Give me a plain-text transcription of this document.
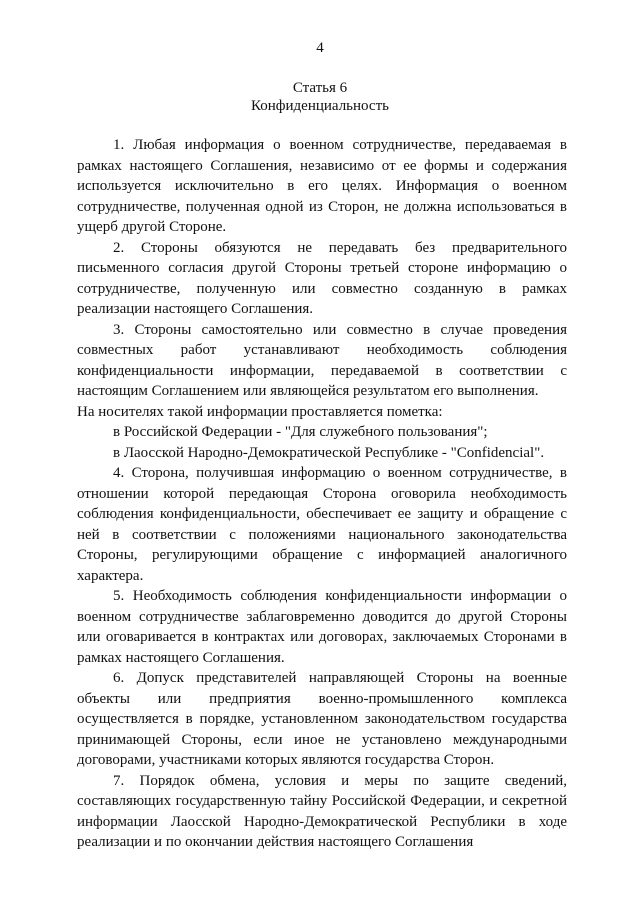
4
Статья 6
Конфиденциальность

1. Любая информация о военном сотрудничестве, передаваемая в рамках настоящего Соглашения, независимо от ее формы и содержания используется исключительно в его целях. Информация о военном сотрудничестве, полученная одной из Сторон, не должна использоваться в ущерб другой Стороне.

2. Стороны обязуются не передавать без предварительного письменного согласия другой Стороны третьей стороне информацию о сотрудничестве, полученную или совместно созданную в рамках реализации настоящего Соглашения.

3. Стороны самостоятельно или совместно в случае проведения совместных работ устанавливают необходимость соблюдения конфиденциальности информации, передаваемой в соответствии с настоящим Соглашением или являющейся результатом его выполнения.

На носителях такой информации проставляется пометка:

в Российской Федерации - "Для служебного пользования";

в Лаосской Народно-Демократической Республике - "Confidencial".

4. Сторона, получившая информацию о военном сотрудничестве, в отношении которой передающая Сторона оговорила необходимость соблюдения конфиденциальности, обеспечивает ее защиту и обращение с ней в соответствии с положениями национального законодательства Стороны, регулирующими обращение с информацией аналогичного характера.

5. Необходимость соблюдения конфиденциальности информации о военном сотрудничестве заблаговременно доводится до другой Стороны или оговаривается в контрактах или договорах, заключаемых Сторонами в рамках настоящего Соглашения.

6. Допуск представителей направляющей Стороны на военные объекты или предприятия военно-промышленного комплекса осуществляется в порядке, установленном законодательством государства принимающей Стороны, если иное не установлено международными договорами, участниками которых являются государства Сторон.

7. Порядок обмена, условия и меры по защите сведений, составляющих государственную тайну Российской Федерации, и секретной информации Лаосской Народно-Демократической Республики в ходе реализации и по окончании действия настоящего Соглашения
